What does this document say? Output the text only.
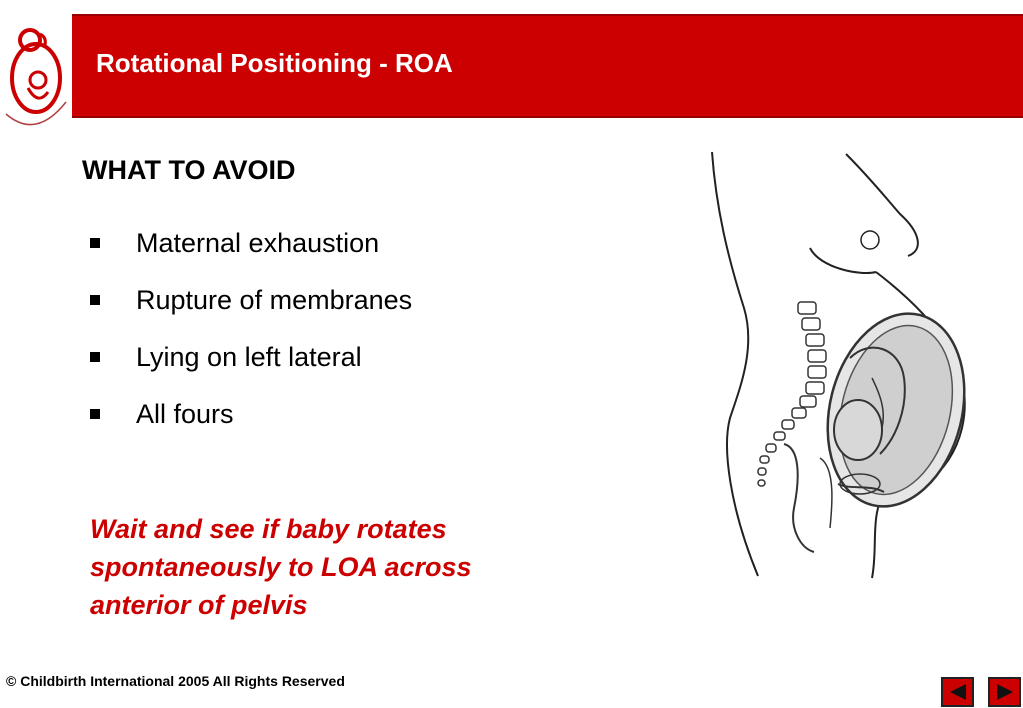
Rotational Positioning - ROA
WHAT TO AVOID
Maternal exhaustion
Rupture of membranes
Lying on left lateral
All fours

Wait and see if baby rotates spontaneously to LOA across anterior of pelvis

© Childbirth International 2005 All Rights Reserved
